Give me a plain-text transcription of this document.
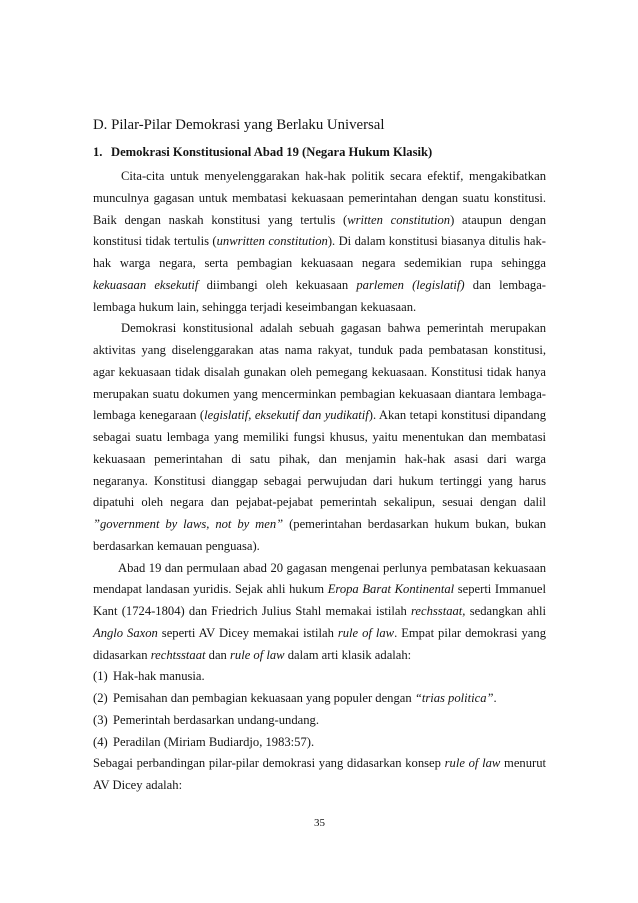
D. Pilar-Pilar Demokrasi yang Berlaku Universal
1. Demokrasi Konstitusional Abad 19 (Negara Hukum Klasik)
Cita-cita untuk menyelenggarakan hak-hak politik secara efektif, mengakibatkan
munculnya gagasan untuk membatasi kekuasaan pemerintahan dengan suatu konstitusi.
Baik dengan naskah konstitusi yang tertulis (written constitution) ataupun dengan
konstitusi tidak tertulis (unwritten constitution). Di dalam konstitusi biasanya ditulis hak-
hak warga negara, serta pembagian kekuasaan negara sedemikian rupa sehingga
kekuasaan eksekutif diimbangi oleh kekuasaan parlemen (legislatif) dan lembaga-
lembaga hukum lain, sehingga terjadi keseimbangan kekuasaan.
Demokrasi konstitusional adalah sebuah gagasan bahwa pemerintah merupakan
aktivitas yang diselenggarakan atas nama rakyat, tunduk pada pembatasan konstitusi,
agar kekuasaan tidak disalah gunakan oleh pemegang kekuasaan. Konstitusi tidak hanya
merupakan suatu dokumen yang mencerminkan pembagian kekuasaan diantara lembaga-
lembaga kenegaraan (legislatif, eksekutif dan yudikatif). Akan tetapi konstitusi dipandang
sebagai suatu lembaga yang memiliki fungsi khusus, yaitu menentukan dan membatasi
kekuasaan pemerintahan di satu pihak, dan menjamin hak-hak asasi dari warga
negaranya. Konstitusi dianggap sebagai perwujudan dari hukum tertinggi yang harus
dipatuhi oleh negara dan pejabat-pejabat pemerintah sekalipun, sesuai dengan dalil
”government by laws, not by men” (pemerintahan berdasarkan hukum bukan, bukan
berdasarkan kemauan penguasa).
Abad 19 dan permulaan abad 20 gagasan mengenai perlunya pembatasan kekuasaan
mendapat landasan yuridis. Sejak ahli hukum Eropa Barat Kontinental seperti Immanuel
Kant (1724-1804) dan Friedrich Julius Stahl memakai istilah rechsstaat, sedangkan ahli
Anglo Saxon seperti AV Dicey memakai istilah rule of law. Empat pilar demokrasi yang
didasarkan rechtsstaat dan rule of law dalam arti klasik adalah:
(1) Hak-hak manusia.
(2) Pemisahan dan pembagian kekuasaan yang populer dengan “trias politica”.
(3) Pemerintah berdasarkan undang-undang.
(4) Peradilan (Miriam Budiardjo, 1983:57).
Sebagai perbandingan pilar-pilar demokrasi yang didasarkan konsep rule of law menurut
AV Dicey adalah:
35
